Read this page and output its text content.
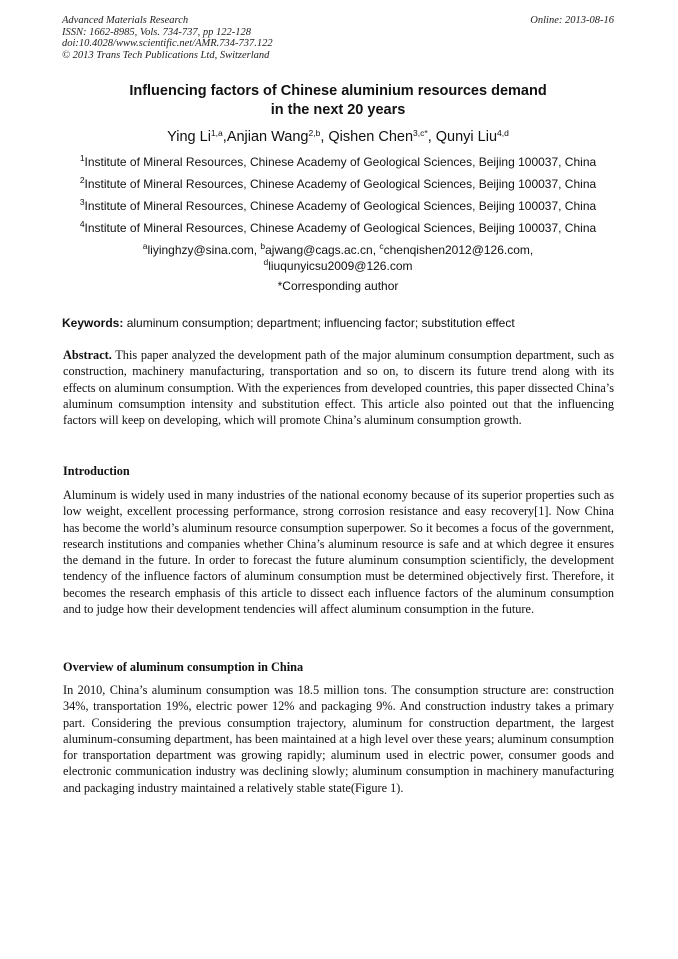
Advanced Materials Research
ISSN: 1662-8985, Vols. 734-737, pp 122-128
doi:10.4028/www.scientific.net/AMR.734-737.122
© 2013 Trans Tech Publications Ltd, Switzerland
Online: 2013-08-16
Influencing factors of Chinese aluminium resources demand
in the next 20 years
Ying Li$^{1,a}$,Anjian Wang$^{2,b}$, Qishen Chen$^{3,c*}$, Qunyi Liu$^{4,d}$
$^1$Institute of Mineral Resources, Chinese Academy of Geological Sciences, Beijing 100037, China
$^2$Institute of Mineral Resources, Chinese Academy of Geological Sciences, Beijing 100037, China
$^3$Institute of Mineral Resources, Chinese Academy of Geological Sciences, Beijing 100037, China
$^4$Institute of Mineral Resources, Chinese Academy of Geological Sciences, Beijing 100037, China
$^a$liyinghzy@sina.com, $^b$ajwang@cags.ac.cn, $^c$chenqishen2012@126.com,
$^d$liuqunyicsu2009@126.com
*Corresponding author
Keywords: aluminum consumption; department; influencing factor; substitution effect
Abstract. This paper analyzed the development path of the major aluminum consumption department, such as construction, machinery manufacturing, transportation and so on, to discern its future trend along with its effects on aluminum consumption. With the experiences from developed countries, this paper dissected China’s aluminum comsumption intensity and substitution effect. This article also pointed out that the influencing factors will keep on developing, which will promote China’s aluminum consumption growth.
Introduction
Aluminum is widely used in many industries of the national economy because of its superior properties such as low weight, excellent processing performance, strong corrosion resistance and easy recovery[1]. Now China has become the world’s aluminum resource consumption superpower. So it becomes a focus of the government, research institutions and companies whether China’s aluminum resource is safe and at which degree it ensures the demand in the future. In order to forecast the future aluminum consumption scientificly, the development tendency of the influence factors of aluminum consumption must be determined objectively first. Therefore, it becomes the research emphasis of this article to dissect each influence factors of the aluminum consumption and to judge how their development tendencies will affect aluminum consumption in the future.
Overview of aluminum consumption in China
In 2010, China’s aluminum consumption was 18.5 million tons. The consumption structure are: construction 34%, transportation 19%, electric power 12% and packaging 9%. And construction industry takes a primary part. Considering the previous consumption trajectory, aluminum for construction department, the largest aluminum-consuming department, has been maintained at a high level over these years; aluminum consumption for transportation department was growing rapidly; aluminum used in electric power, consumer goods and electronic communication industry was declining slowly; aluminum consumption in machinery manufacturing and packaging industry maintained a relatively stable state(Figure 1).
